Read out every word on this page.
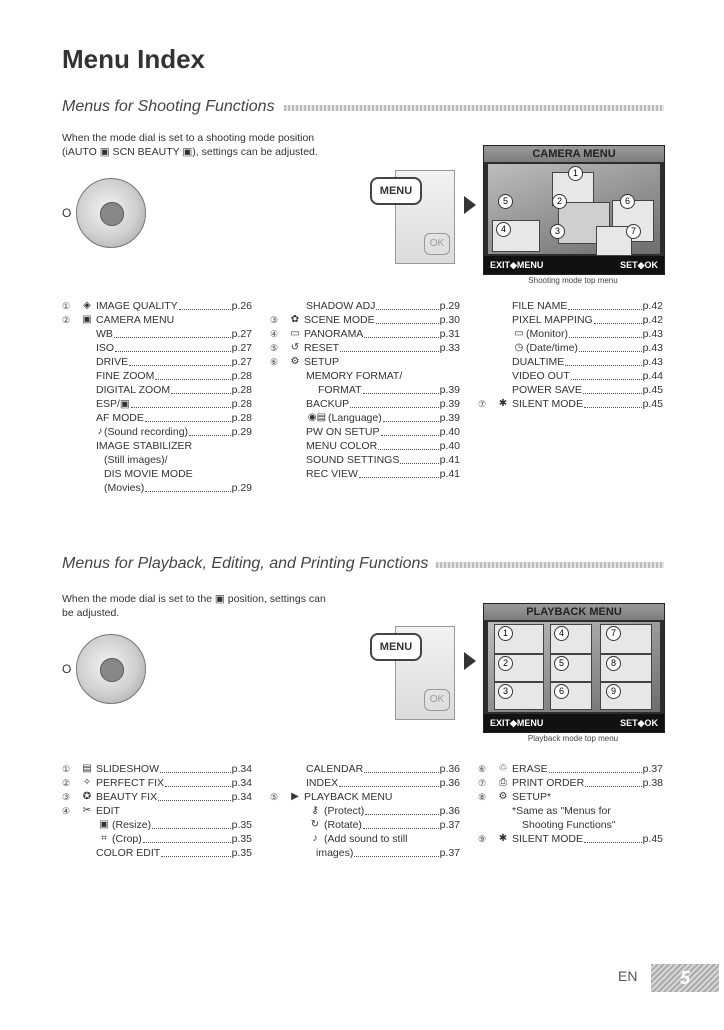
Menu Index
Menus for Shooting Functions
When the mode dial is set to a shooting mode position
(iAUTO ▣ SCN BEAUTY ▣), settings can be adjusted.
O
MENU
OK
CAMERA MENU
1
2	6
5
4	3	7
EXIT◆MENU	SET◆OK
Shooting mode top menu
①	◈ IMAGE QUALITY	p.26
②	▣ CAMERA MENU
WB	p.27
ISO	p.27
DRIVE	p.27
FINE ZOOM	p.28
DIGITAL ZOOM	p.28
ESP/▣	p.28
AF MODE	p.28
♪ (Sound recording)	p.29
IMAGE STABILIZER
(Still images)/
DIS MOVIE MODE
(Movies)	p.29
SHADOW ADJ	p.29
③	✿ SCENE MODE	p.30
④	▭ PANORAMA	p.31
⑤	↺ RESET	p.33
⑥	⚙ SETUP
MEMORY FORMAT/
FORMAT	p.39
BACKUP	p.39
◉▤ (Language)	p.39
PW ON SETUP	p.40
MENU COLOR	p.40
SOUND SETTINGS	p.41
REC VIEW	p.41
FILE NAME	p.42
PIXEL MAPPING	p.42
▭ (Monitor)	p.43
◷ (Date/time)	p.43
DUALTIME	p.43
VIDEO OUT	p.44
POWER SAVE	p.45
⑦	✱ SILENT MODE	p.45
Menus for Playback, Editing, and Printing Functions
When the mode dial is set to the ▣ position, settings can
be adjusted.
O
MENU
OK
PLAYBACK MENU
1	4	7
2	5	8
3	6	9
EXIT◆MENU	SET◆OK
Playback mode top menu
①	▤ SLIDESHOW	p.34
②	✧ PERFECT FIX	p.34
③	✪ BEAUTY FIX	p.34
④	✂ EDIT
▣ (Resize)	p.35
⌗ (Crop)	p.35
COLOR EDIT	p.35
CALENDAR	p.36
INDEX	p.36
⑤	▶ PLAYBACK MENU
⚷ (Protect)	p.36
↻ (Rotate)	p.37
♪ (Add sound to still
images)	p.37
⑥	♲ ERASE	p.37
⑦	⎙ PRINT ORDER	p.38
⑧	⚙ SETUP*
*Same as "Menus for
Shooting Functions"
⑨	✱ SILENT MODE	p.45
EN	5
